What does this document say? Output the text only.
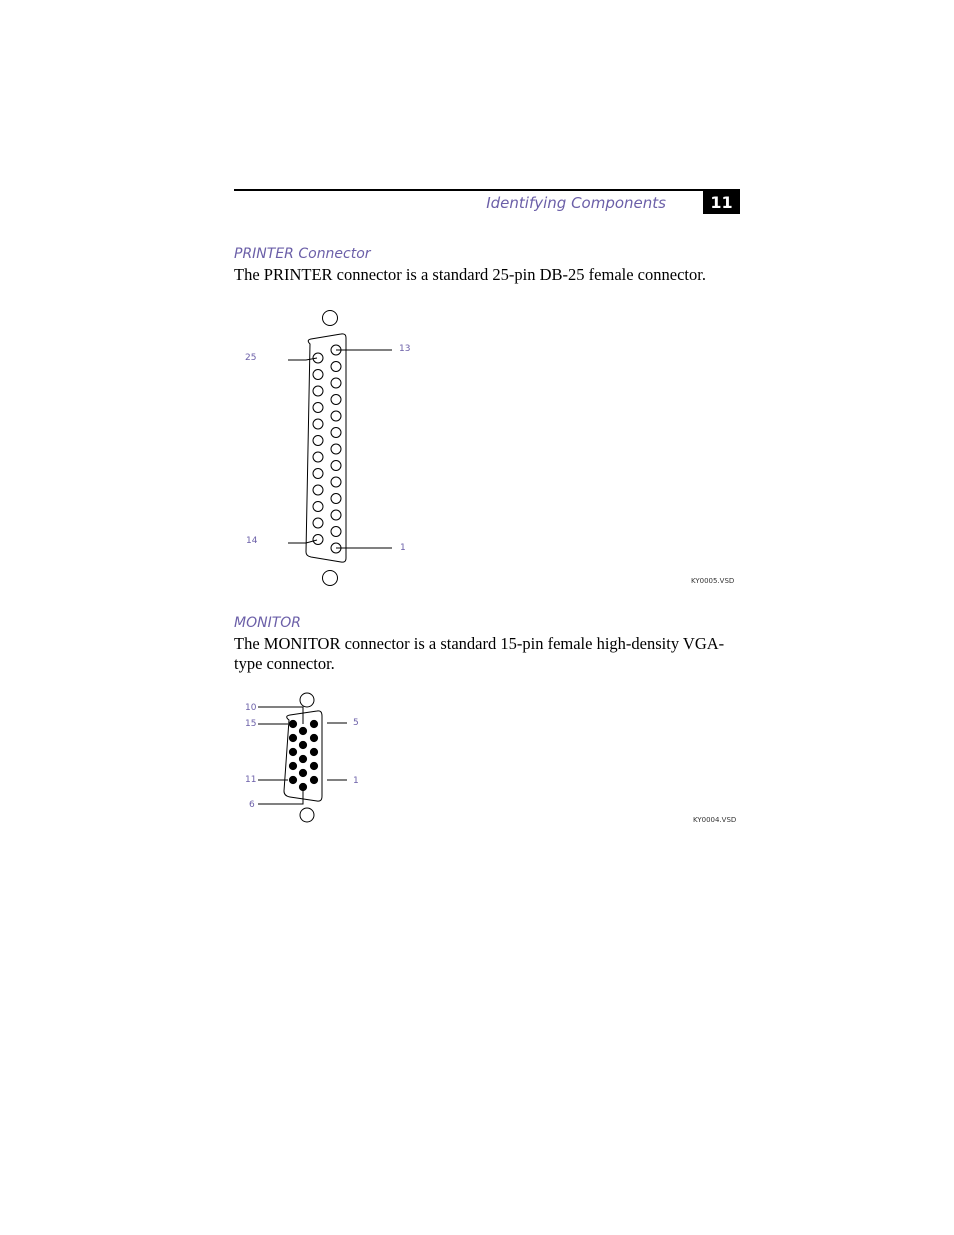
Identifying Components	11
PRINTER Connector
The PRINTER connector is a standard 25-pin DB-25 female connector.
25
13
14
1
KY0005.VSD
10
15	5
11	1
6
KY0004.VSD
MONITOR
The MONITOR connector is a standard 15-pin female high-density VGA-type connector.
